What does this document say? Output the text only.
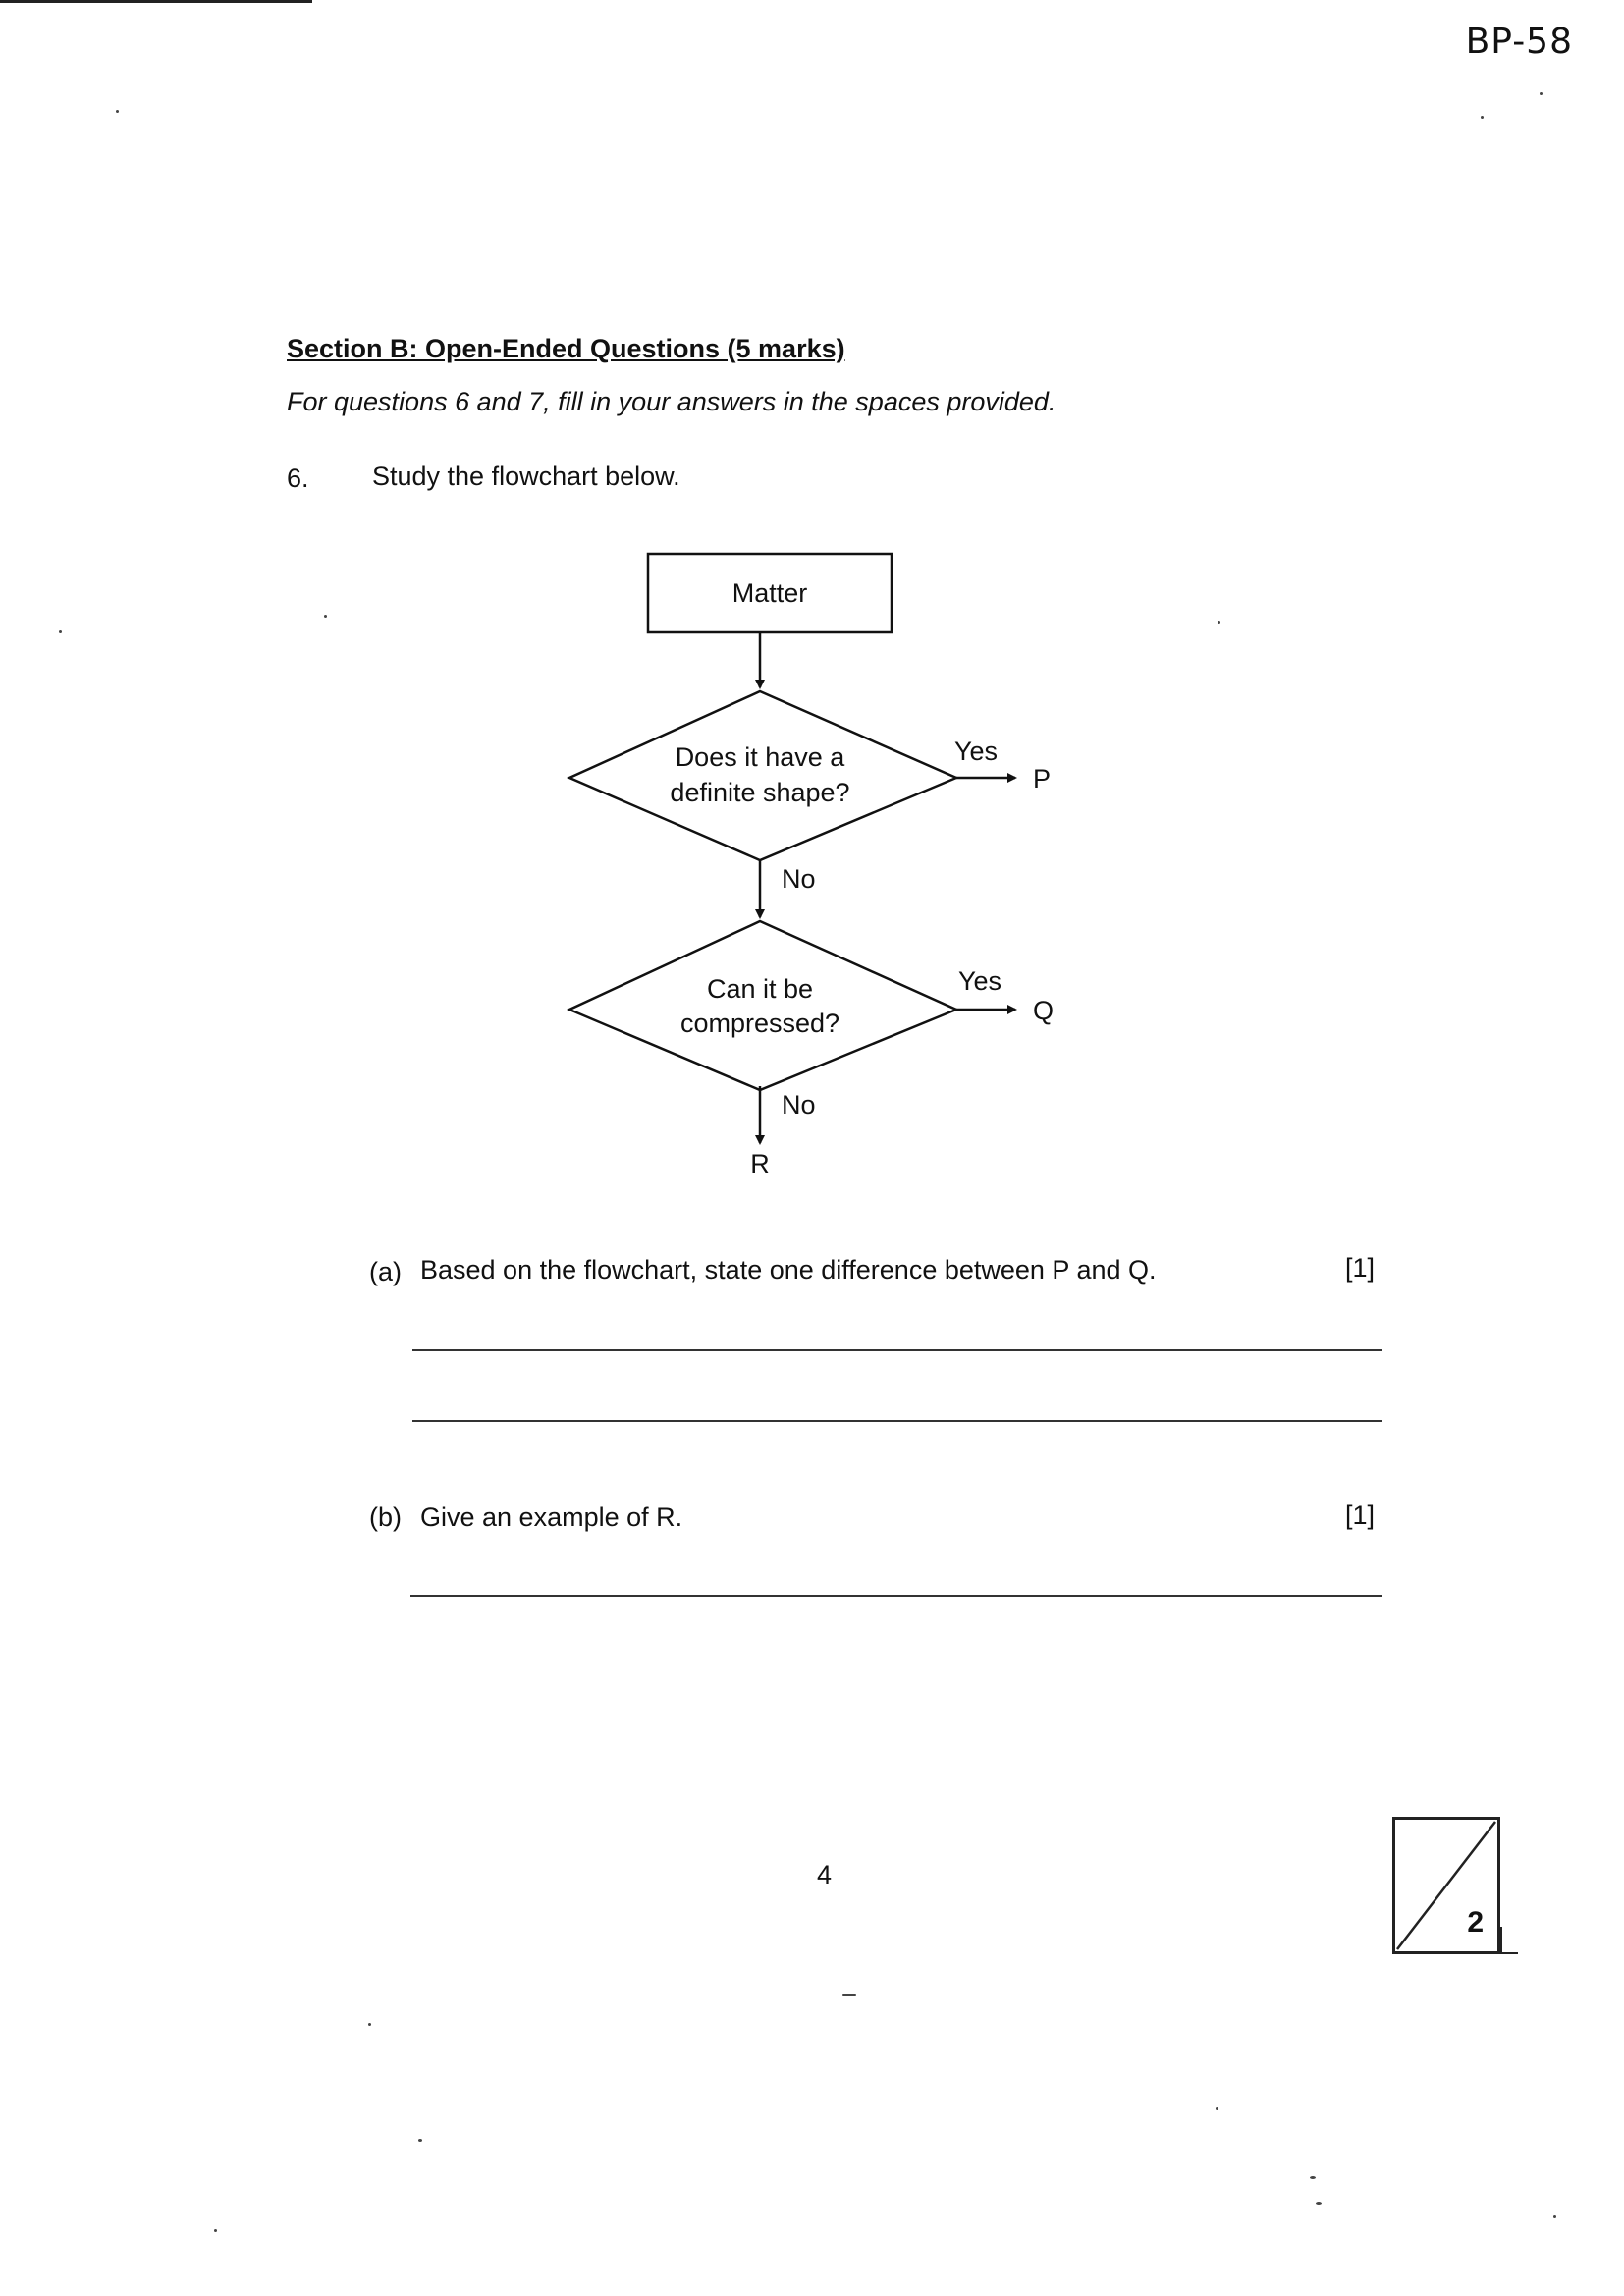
BP-58
Section B: Open-Ended Questions (5 marks)
For questions 6 and 7, fill in your answers in the spaces provided.
6. Study the flowchart below.
Matter
Does it have a
definite shape?
Yes
P
No
Can it be
compressed?
Yes
Q
No
R
(a) Based on the flowchart, state one difference between P and Q.	[1]
(b) Give an example of R.	[1]
4
2
